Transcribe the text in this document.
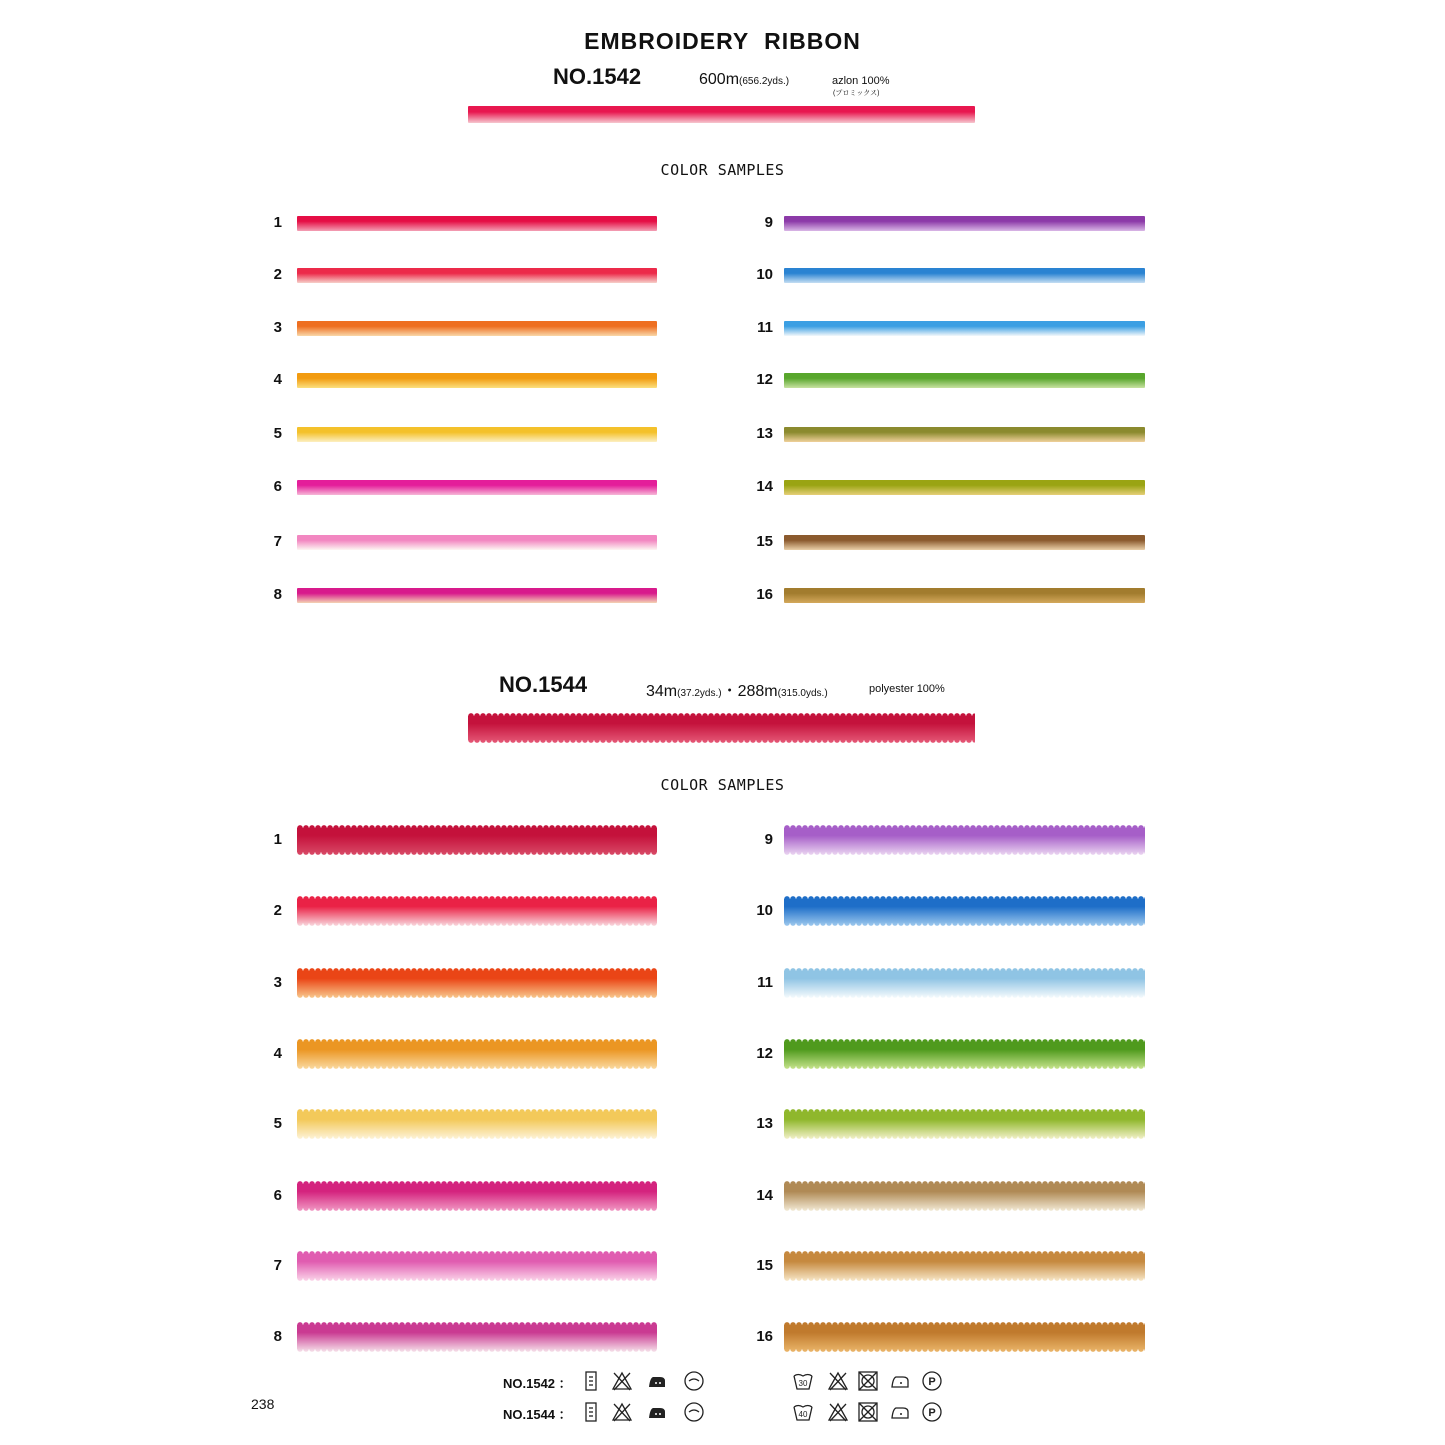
EMBROIDERY RIBBON
NO.1542	600m(656.2yds.)	azlon 100%
(プロミックス)
COLOR SAMPLES
1
2
3
4
5
6
7
8
9
10
11
12
13
14
15
16
NO.1544	34m(37.2yds.)・288m(315.0yds.)	polyester 100%
COLOR SAMPLES
1
2
3
4
5
6
7
8
9
10
11
12
13
14
15
16
NO.1542 ：
NO.1544 ：
30	P
40	P
238
